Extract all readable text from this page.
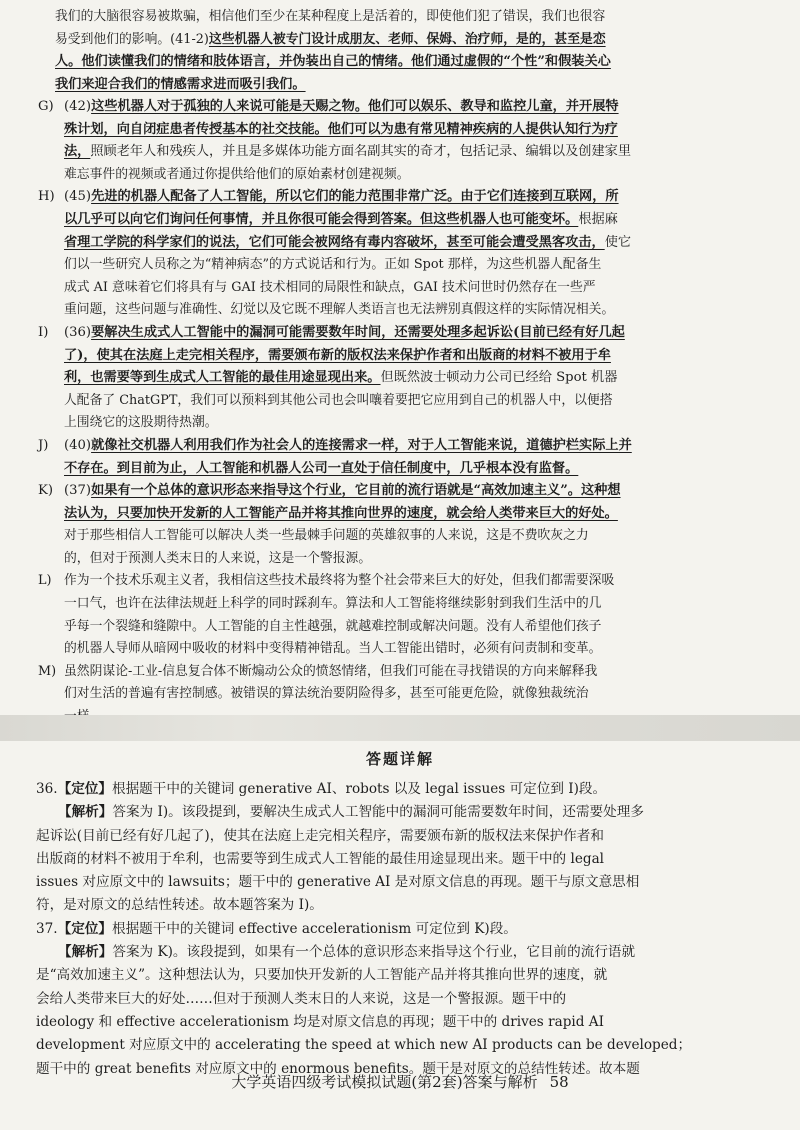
我们的大脑很容易被欺骗，相信他们至少在某种程度上是活着的，即使他们犯了错误，我们也很容

易受到他们的影响。(41-2)这些机器人被专门设计成朋友、老师、保姆、治疗师，是的，甚至是恋

人。他们读懂我们的情绪和肢体语言，并伪装出自己的情绪。他们通过虚假的“个性”和假装关心

我们来迎合我们的情感需求进而吸引我们。

G) (42)这些机器人对于孤独的人来说可能是天赐之物。他们可以娱乐、教导和监控儿童，并开展特

殊计划，向自闭症患者传授基本的社交技能。他们可以为患有常见精神疾病的人提供认知行为疗

法，照顾老年人和残疾人，并且是多媒体功能方面名副其实的奇才，包括记录、编辑以及创建家里

难忘事件的视频或者通过你提供给他们的原始素材创建视频。

H) (45)先进的机器人配备了人工智能，所以它们的能力范围非常广泛。由于它们连接到互联网，所

以几乎可以向它们询问任何事情，并且你很可能会得到答案。但这些机器人也可能变坏。根据麻

省理工学院的科学家们的说法，它们可能会被网络有毒内容破坏，甚至可能会遭受黑客攻击，使它

们以一些研究人员称之为“精神病态”的方式说话和行为。正如 Spot 那样，为这些机器人配备生

成式 AI 意味着它们将具有与 GAI 技术相同的局限性和缺点，GAI 技术问世时仍然存在一些严

重问题，这些问题与准确性、幻觉以及它既不理解人类语言也无法辨别真假这样的实际情况相关。

I)	(36)要解决生成式人工智能中的漏洞可能需要数年时间，还需要处理多起诉讼(目前已经有好几起

了)，使其在法庭上走完相关程序，需要颁布新的版权法来保护作者和出版商的材料不被用于牟

利，也需要等到生成式人工智能的最佳用途显现出来。但既然波士顿动力公司已经给 Spot 机器

人配备了 ChatGPT，我们可以预料到其他公司也会叫嚷着要把它应用到自己的机器人中，以便搭

上围绕它的这股期待热潮。

J)	(40)就像社交机器人利用我们作为社会人的连接需求一样，对于人工智能来说，道德护栏实际上并

不存在。到目前为止，人工智能和机器人公司一直处于信任制度中，几乎根本没有监督。

K) (37)如果有一个总体的意识形态来指导这个行业，它目前的流行语就是“高效加速主义”。这种想

法认为，只要加快开发新的人工智能产品并将其推向世界的速度，就会给人类带来巨大的好处。

对于那些相信人工智能可以解决人类一些最棘手问题的英雄叙事的人来说，这是不费吹灰之力

的，但对于预测人类末日的人来说，这是一个警报源。

L) 作为一个技术乐观主义者，我相信这些技术最终将为整个社会带来巨大的好处，但我们都需要深吸

一口气，也许在法律法规赶上科学的同时踩刹车。算法和人工智能将继续影射到我们生活中的几

乎每一个裂缝和缝隙中。人工智能的自主性越强，就越难控制或解决问题。没有人希望他们孩子

的机器人导师从暗网中吸收的材料中变得精神错乱。当人工智能出错时，必须有问责制和变革。

M) 虽然阴谋论-工业-信息复合体不断煽动公众的愤怒情绪，但我们可能在寻找错误的方向来解释我

们对生活的普遍有害控制感。被错误的算法统治要阴险得多，甚至可能更危险，就像独裁统治

答题详解

36.【定位】根据题干中的关键词 generative AI、robots 以及 legal issues 可定位到 I)段。

【解析】答案为 I)。该段提到，要解决生成式人工智能中的漏洞可能需要数年时间，还需要处理多

起诉讼(目前已经有好几起了)，使其在法庭上走完相关程序，需要颁布新的版权法来保护作者和

出版商的材料不被用于牟利，也需要等到生成式人工智能的最佳用途显现出来。题干中的 legal

issues 对应原文中的 lawsuits；题干中的 generative AI 是对原文信息的再现。题干与原文意思相

符，是对原文的总结性转述。故本题答案为 I)。

37.【定位】根据题干中的关键词 effective accelerationism 可定位到 K)段。

【解析】答案为 K)。该段提到，如果有一个总体的意识形态来指导这个行业，它目前的流行语就

是“高效加速主义”。这种想法认为，只要加快开发新的人工智能产品并将其推向世界的速度，就

会给人类带来巨大的好处……但对于预测人类末日的人来说，这是一个警报源。题干中的

ideology 和 effective accelerationism 均是对原文信息的再现；题干中的 drives rapid AI

development 对应原文中的 accelerating the speed at which new AI products can be developed；

题干中的 great benefits 对应原文中的 enormous benefits。题干是对原文的总结性转述。故本题

大学英语四级考试模拟试题(第2套)答案与解析 58
